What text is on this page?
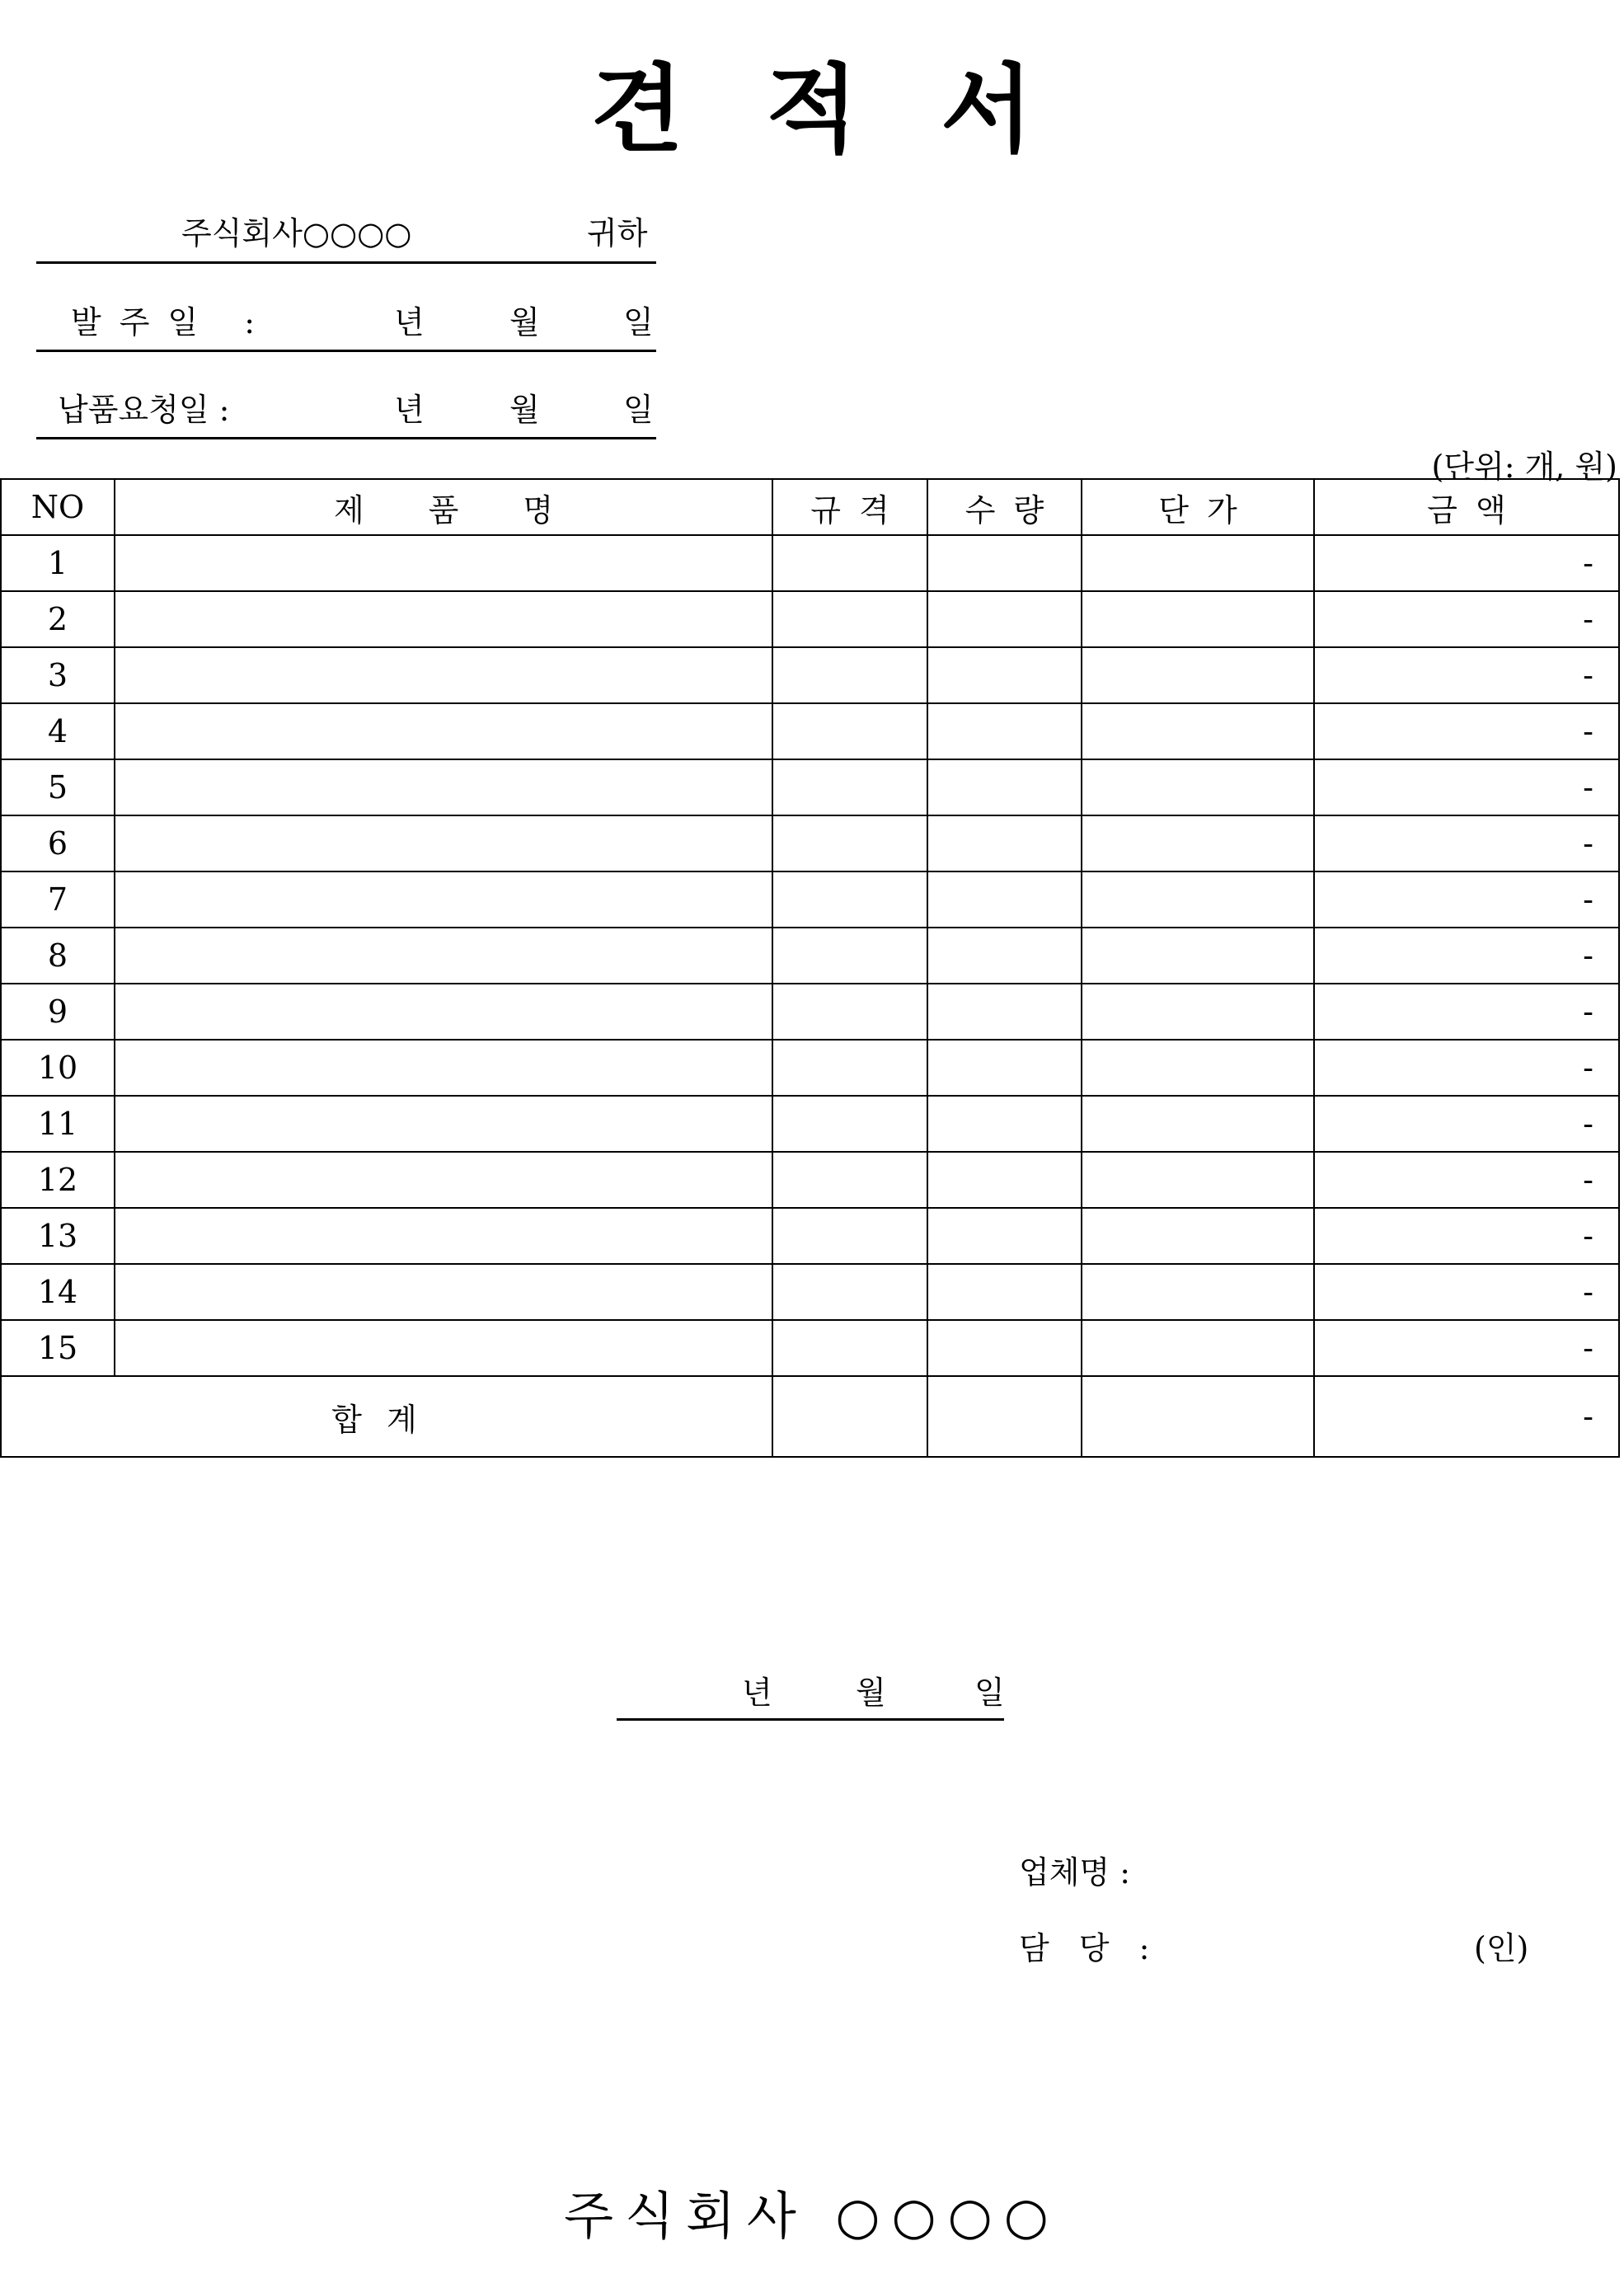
견적서
주식회사○○○○	귀하
발주일 :	년	월	일
납품요청일 :	년	월	일
(단위: 개, 원)
NO	제품명	규격	수량	단가	금액
1					-
2					-
3					-
4					-
5					-
6					-
7					-
8					-
9					-
10					-
11					-
12					-
13					-
14					-
15					-
합계					-
년	월	일
업체명 :
담 당 :	(인)
주식회사 ○○○○
